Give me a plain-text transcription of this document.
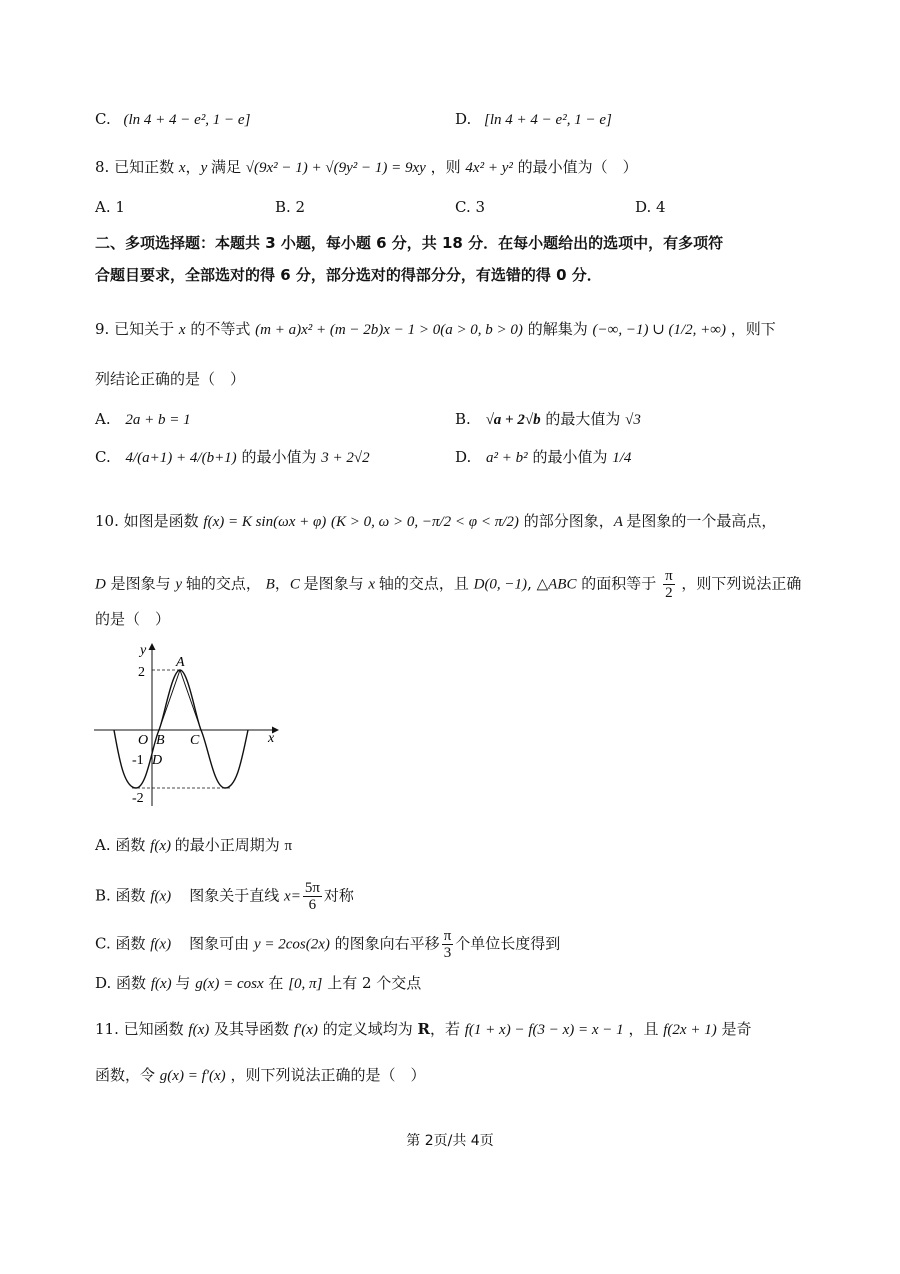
C. (ln 4 + 4 − e², 1 − e]	D. [ln 4 + 4 − e², 1 − e]
8. 已知正数 x，y 满足 √(9x² − 1) + √(9y² − 1) = 9xy ，则 4x² + y² 的最小值为（　）
A. 1	B. 2	C. 3	D. 4
二、多项选择题：本题共 3 小题，每小题 6 分，共 18 分．在每小题给出的选项中，有多项符
合题目要求，全部选对的得 6 分，部分选对的得部分分，有选错的得 0 分．
9. 已知关于 x 的不等式 (m + a)x² + (m − 2b)x − 1 > 0(a > 0, b > 0) 的解集为 (−∞, −1) ∪ (1/2, +∞) ，则下
列结论正确的是（　）
A. 2a + b = 1	B. √a + 2√b 的最大值为 √3
C. 4/(a+1) + 4/(b+1) 的最小值为 3 + 2√2	D. a² + b² 的最小值为 1/4
10. 如图是函数 f(x) = K sin(ωx + φ) (K > 0, ω > 0, −π/2 < φ < π/2) 的部分图象，A 是图象的一个最高点，
D 是图象与 y 轴的交点， B，C 是图象与 x 轴的交点，且 D(0, −1), △ABC 的面积等于 $\frac{\pi}{2}$ ，则下列说法正确
的是（　）
y
x
2
-1
-2
O
A
B C
D
A. 函数 f(x) 的最小正周期为 π
B. 函数 f(x)    图象关于直线 $x= \frac{5\pi}{6}$ 对称
C. 函数 f(x)    图象可由 y = 2cos(2x) 的图象向右平移 $\frac{\pi}{3}$ 个单位长度得到
D. 函数 f(x) 与 g(x) = cosx 在 [0, π] 上有 2 个交点
11. 已知函数 f(x) 及其导函数 f′(x) 的定义域均为 R，若 f(1 + x) − f(3 − x) = x − 1 ，且 f(2x + 1) 是奇
函数，令 g(x) = f′(x) ，则下列说法正确的是（　）
第 2页/共 4页
